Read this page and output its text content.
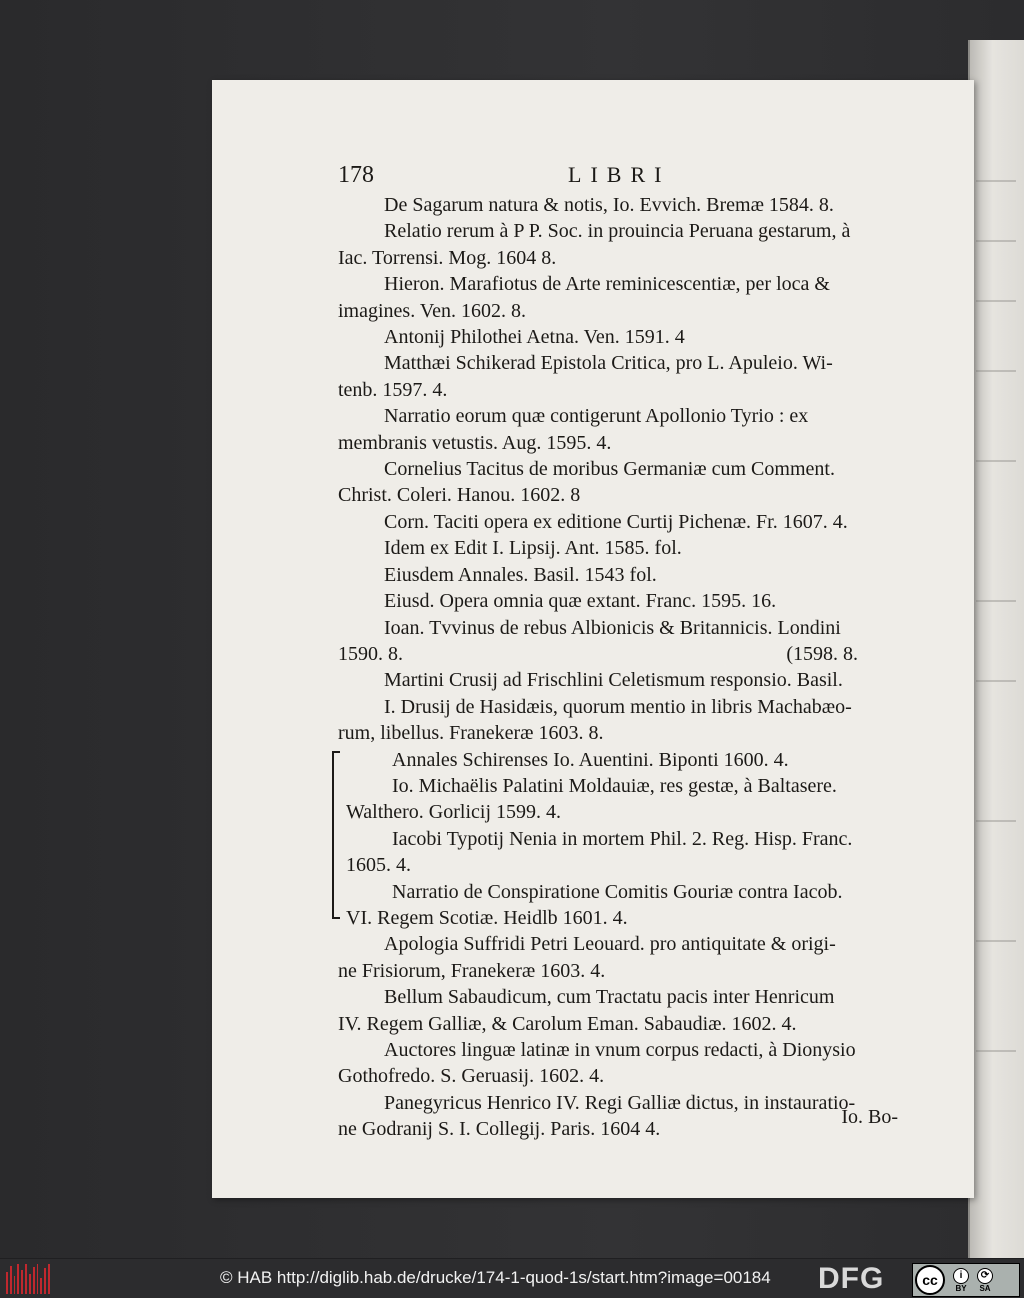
178	LIBRI
De Sagarum natura & notis, Io. Evvich. Bremæ 1584. 8.
Relatio rerum à P P. Soc. in prouincia Peruana gestarum, à
Iac. Torrensi. Mog. 1604 8.
Hieron. Marafiotus de Arte reminicescentiæ, per loca &
imagines. Ven. 1602. 8.
Antonij Philothei Aetna. Ven. 1591. 4
Matthæi Schikerad Epistola Critica, pro L. Apuleio. Wi-
tenb. 1597. 4.
Narratio eorum quæ contigerunt Apollonio Tyrio : ex
membranis vetustis. Aug. 1595. 4.
Cornelius Tacitus de moribus Germaniæ cum Comment.
Christ. Coleri. Hanou. 1602. 8
Corn. Taciti opera ex editione Curtij Pichenæ. Fr. 1607. 4.
Idem ex Edit I. Lipsij. Ant. 1585. fol.
Eiusdem Annales. Basil. 1543 fol.
Eiusd. Opera omnia quæ extant. Franc. 1595. 16.
Ioan. Tvvinus de rebus Albionicis & Britannicis. Londini
1590. 8.	(1598. 8.
Martini Crusij ad Frischlini Celetismum responsio. Basil.
I. Drusij de Hasidæis, quorum mentio in libris Machabæo-
rum, libellus. Franekeræ 1603. 8.
Annales Schirenses Io. Auentini. Biponti 1600. 4.
Io. Michaëlis Palatini Moldauiæ, res gestæ, à Baltasere.
Walthero. Gorlicij 1599. 4.
Iacobi Typotij Nenia in mortem Phil. 2. Reg. Hisp. Franc.
1605. 4.
Narratio de Conspiratione Comitis Gouriæ contra Iacob.
VI. Regem Scotiæ. Heidlb 1601. 4.
Apologia Suffridi Petri Leouard. pro antiquitate & origi-
ne Frisiorum, Franekeræ 1603. 4.
Bellum Sabaudicum, cum Tractatu pacis inter Henricum
IV. Regem Galliæ, & Carolum Eman. Sabaudiæ. 1602. 4.
Auctores linguæ latinæ in vnum corpus redacti, à Dionysio
Gothofredo. S. Geruasij. 1602. 4.
Panegyricus Henrico IV. Regi Galliæ dictus, in instauratio-
ne Godranij S. I. Collegij. Paris. 1604 4.
Io. Bo-
© HAB http://diglib.hab.de/drucke/174-1-quod-1s/start.htm?image=00184 DFG	cc	i
BY
⟳
SA
